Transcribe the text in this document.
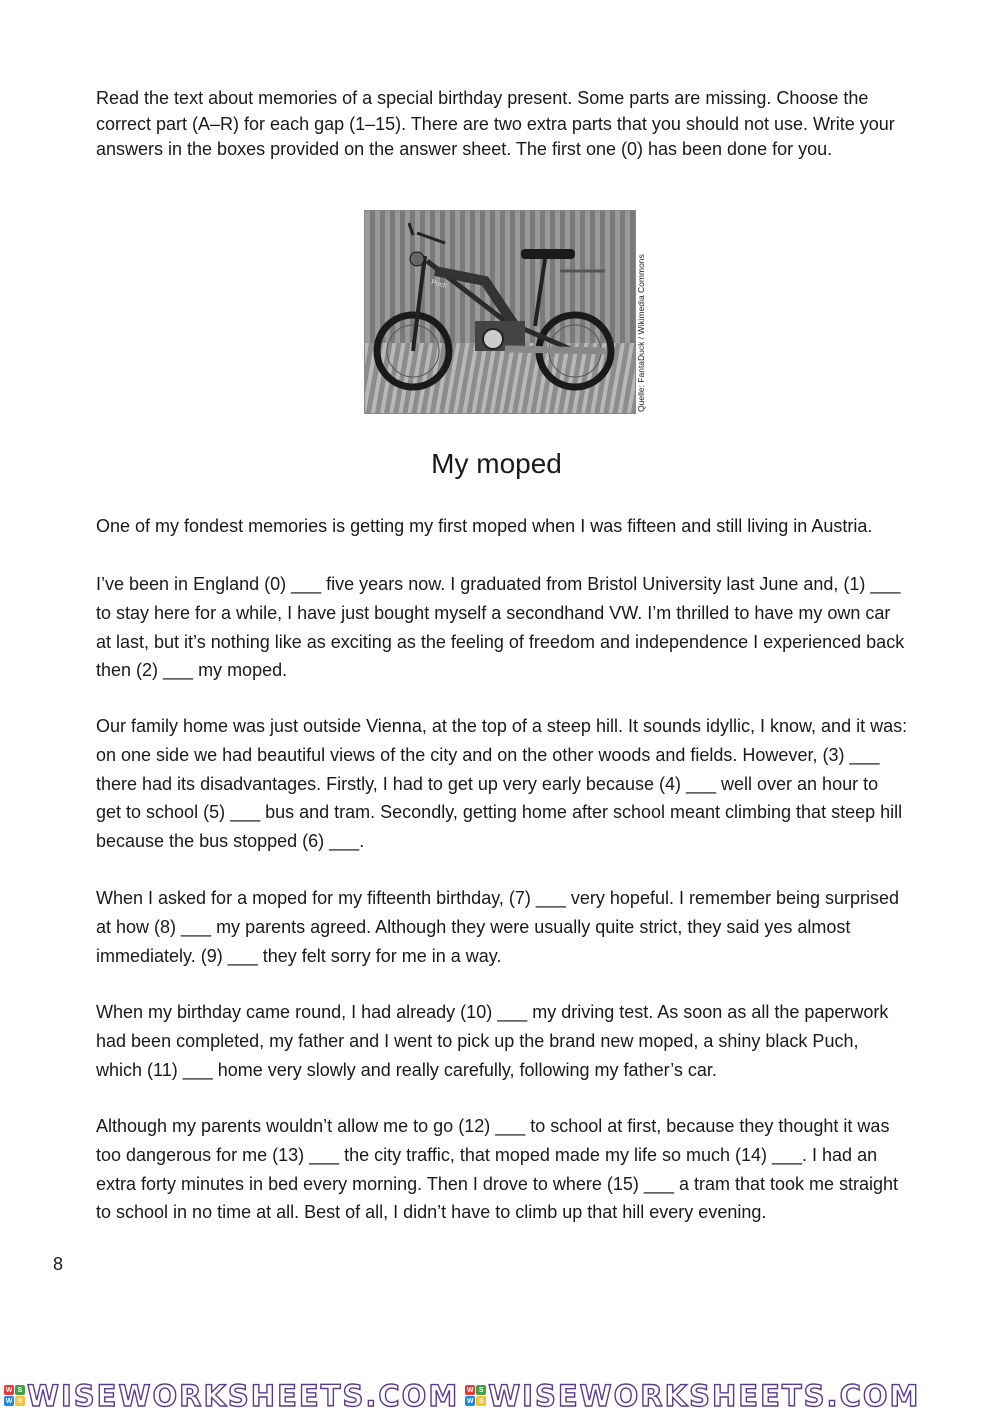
Read the text about memories of a special birthday present. Some parts are missing. Choose the correct part (A–R) for each gap (1–15). There are two extra parts that you should not use. Write your answers in the boxes provided on the answer sheet. The first one (0) has been done for you.

Puch	Quelle: FantaDuck / Wikimedia Commons
My moped

One of my fondest memories is getting my first moped when I was fifteen and still living in Austria.

I’ve been in England (0) ___ five years now. I graduated from Bristol University last June and, (1) ___ to stay here for a while, I have just bought myself a secondhand VW. I’m thrilled to have my own car at last, but it’s nothing like as exciting as the feeling of freedom and independence I experienced back then (2) ___ my moped.

Our family home was just outside Vienna, at the top of a steep hill. It sounds idyllic, I know, and it was: on one side we had beautiful views of the city and on the other woods and fields. However, (3) ___ there had its disadvantages. Firstly, I had to get up very early because (4) ___ well over an hour to get to school (5) ___ bus and tram. Secondly, getting home after school meant climbing that steep hill because the bus stopped (6) ___.

When I asked for a moped for my fifteenth birthday, (7) ___ very hopeful. I remember being surprised at how (8) ___ my parents agreed. Although they were usually quite strict, they said yes almost immediately. (9) ___ they felt sorry for me in a way.

When my birthday came round, I had already (10) ___ my driving test. As soon as all the paperwork had been completed, my father and I went to pick up the brand new moped, a shiny black Puch, which (11) ___ home very slowly and really carefully, following my father’s car.

Although my parents wouldn’t allow me to go (12) ___ to school at first, because they thought it was too dangerous for me (13) ___ the city traffic, that moped made my life so much (14) ___. I had an extra forty minutes in bed every morning. Then I drove to where (15) ___ a tram that took me straight to school in no time at all. Best of all, I didn’t have to climb up that hill every evening.

8
W S
W S WISEWORKSHEETS.COM W S
W S WISEWORKSHEETS.COM
